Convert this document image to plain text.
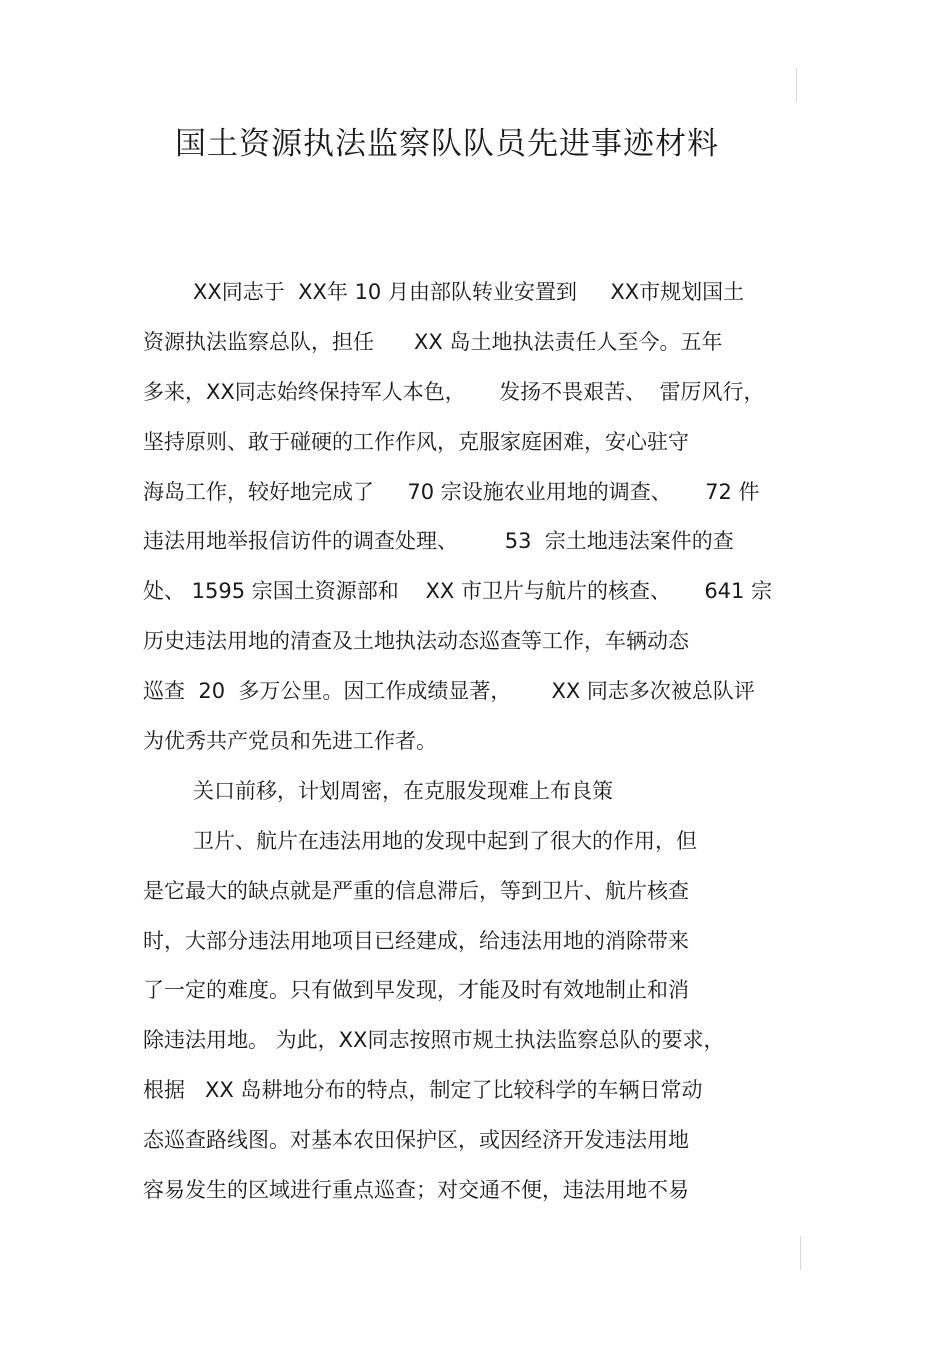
国土资源执法监察队队员先进事迹材料
XX同志于  XX年 10 月由部队转业安置到     XX市规划国土
资源执法监察总队，担任      XX 岛土地执法责任人至今。五年
多来，XX同志始终保持军人本色，     发扬不畏艰苦、  雷厉风行，
坚持原则、敢于碰硬的工作作风，克服家庭困难，安心驻守
海岛工作，较好地完成了     70 宗设施农业用地的调查、     72 件
违法用地举报信访件的调查处理、       53  宗土地违法案件的查
处、 1595 宗国土资源部和    XX 市卫片与航片的核查、     641 宗
历史违法用地的清查及土地执法动态巡查等工作，车辆动态
巡查  20  多万公里。因工作成绩显著，      XX 同志多次被总队评
为优秀共产党员和先进工作者。
关口前移，计划周密，在克服发现难上布良策
卫片、航片在违法用地的发现中起到了很大的作用，但
是它最大的缺点就是严重的信息滞后，等到卫片、航片核查
时，大部分违法用地项目已经建成，给违法用地的消除带来
了一定的难度。只有做到早发现，才能及时有效地制止和消
除违法用地。 为此，XX同志按照市规土执法监察总队的要求，
根据   XX 岛耕地分布的特点，制定了比较科学的车辆日常动
态巡查路线图。对基本农田保护区，或因经济开发违法用地
容易发生的区域进行重点巡查；对交通不便，违法用地不易
